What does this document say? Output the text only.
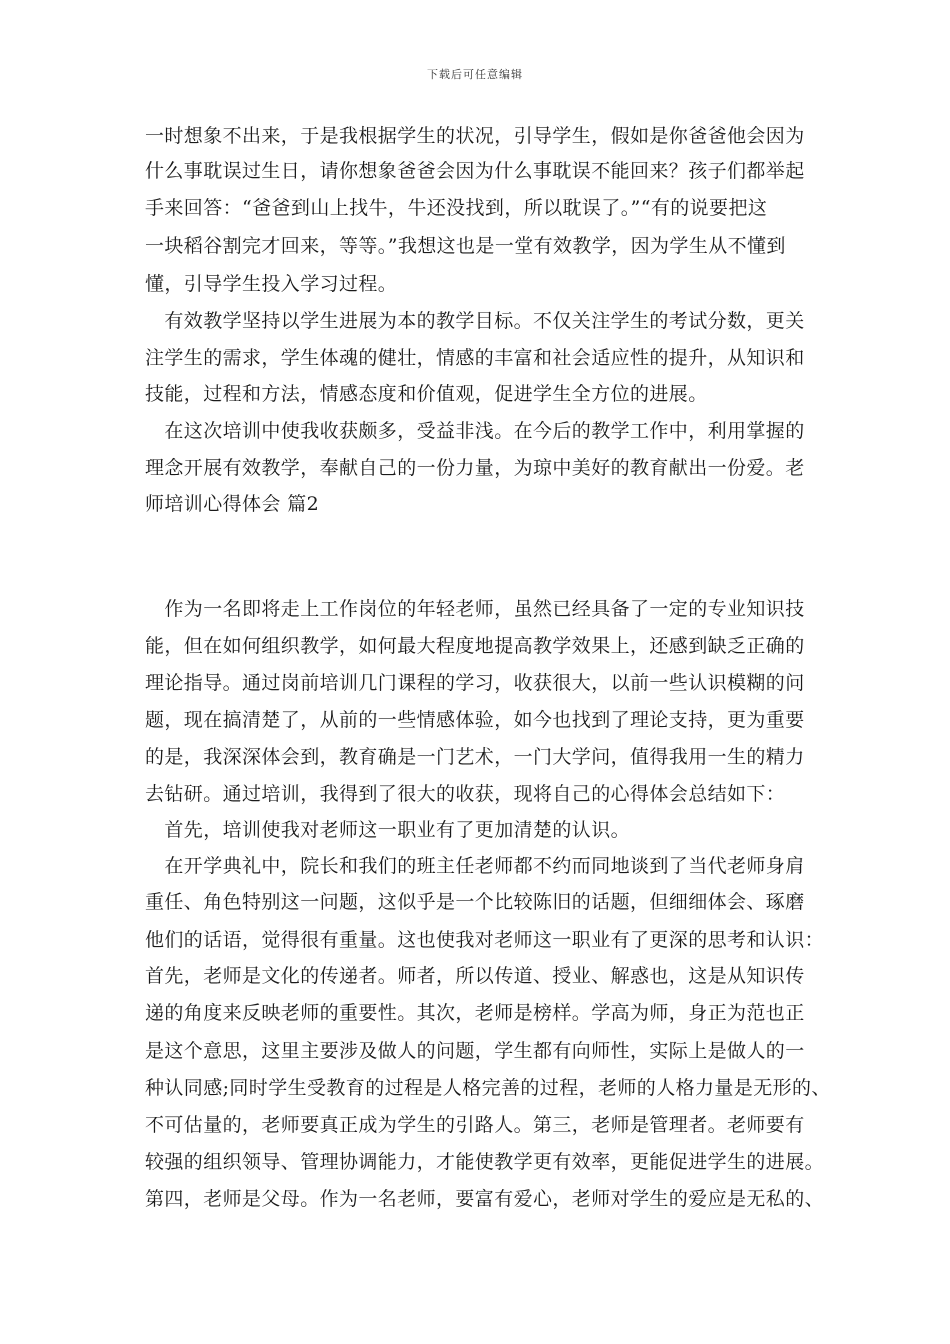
下载后可任意编辑
一时想象不出来，于是我根据学生的状况，引导学生，假如是你爸爸他会因为
什么事耽误过生日，请你想象爸爸会因为什么事耽误不能回来？孩子们都举起
手来回答：“爸爸到山上找牛，牛还没找到，所以耽误了。”“有的说要把这
一块稻谷割完才回来，等等。”我想这也是一堂有效教学，因为学生从不懂到
懂，引导学生投入学习过程。
　有效教学坚持以学生进展为本的教学目标。不仅关注学生的考试分数，更关
注学生的需求，学生体魂的健壮，情感的丰富和社会适应性的提升，从知识和
技能，过程和方法，情感态度和价值观，促进学生全方位的进展。
　在这次培训中使我收获颇多，受益非浅。在今后的教学工作中，利用掌握的
理念开展有效教学，奉献自己的一份力量，为琼中美好的教育献出一份爱。老
师培训心得体会 篇2
　作为一名即将走上工作岗位的年轻老师，虽然已经具备了一定的专业知识技
能，但在如何组织教学，如何最大程度地提高教学效果上，还感到缺乏正确的
理论指导。通过岗前培训几门课程的学习，收获很大，以前一些认识模糊的问
题，现在搞清楚了，从前的一些情感体验，如今也找到了理论支持，更为重要
的是，我深深体会到，教育确是一门艺术，一门大学问，值得我用一生的精力
去钻研。通过培训，我得到了很大的收获，现将自己的心得体会总结如下：
　首先，培训使我对老师这一职业有了更加清楚的认识。
　在开学典礼中，院长和我们的班主任老师都不约而同地谈到了当代老师身肩
重任、角色特别这一问题，这似乎是一个比较陈旧的话题，但细细体会、琢磨
他们的话语，觉得很有重量。这也使我对老师这一职业有了更深的思考和认识：
首先，老师是文化的传递者。师者，所以传道、授业、解惑也，这是从知识传
递的角度来反映老师的重要性。其次，老师是榜样。学高为师，身正为范也正
是这个意思，这里主要涉及做人的问题，学生都有向师性，实际上是做人的一
种认同感;同时学生受教育的过程是人格完善的过程，老师的人格力量是无形的、
不可估量的，老师要真正成为学生的引路人。第三，老师是管理者。老师要有
较强的组织领导、管理协调能力，才能使教学更有效率，更能促进学生的进展。
第四，老师是父母。作为一名老师，要富有爱心，老师对学生的爱应是无私的、
